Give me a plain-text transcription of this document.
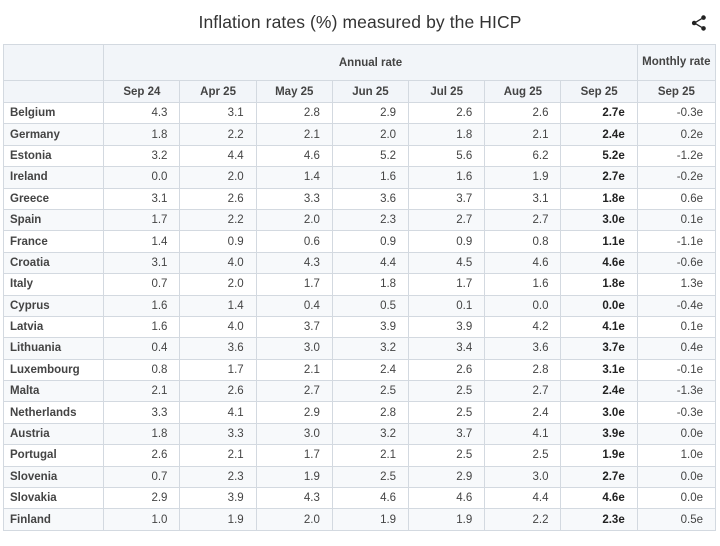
Inflation rates (%) measured by the HICP
	Annual rate							Monthly rate
	Sep 24	Apr 25	May 25	Jun 25	Jul 25	Aug 25	Sep 25	Sep 25
Belgium	4.3	3.1	2.8	2.9	2.6	2.6	2.7e	-0.3e
Germany	1.8	2.2	2.1	2.0	1.8	2.1	2.4e	0.2e
Estonia	3.2	4.4	4.6	5.2	5.6	6.2	5.2e	-1.2e
Ireland	0.0	2.0	1.4	1.6	1.6	1.9	2.7e	-0.2e
Greece	3.1	2.6	3.3	3.6	3.7	3.1	1.8e	0.6e
Spain	1.7	2.2	2.0	2.3	2.7	2.7	3.0e	0.1e
France	1.4	0.9	0.6	0.9	0.9	0.8	1.1e	-1.1e
Croatia	3.1	4.0	4.3	4.4	4.5	4.6	4.6e	-0.6e
Italy	0.7	2.0	1.7	1.8	1.7	1.6	1.8e	1.3e
Cyprus	1.6	1.4	0.4	0.5	0.1	0.0	0.0e	-0.4e
Latvia	1.6	4.0	3.7	3.9	3.9	4.2	4.1e	0.1e
Lithuania	0.4	3.6	3.0	3.2	3.4	3.6	3.7e	0.4e
Luxembourg	0.8	1.7	2.1	2.4	2.6	2.8	3.1e	-0.1e
Malta	2.1	2.6	2.7	2.5	2.5	2.7	2.4e	-1.3e
Netherlands	3.3	4.1	2.9	2.8	2.5	2.4	3.0e	-0.3e
Austria	1.8	3.3	3.0	3.2	3.7	4.1	3.9e	0.0e
Portugal	2.6	2.1	1.7	2.1	2.5	2.5	1.9e	1.0e
Slovenia	0.7	2.3	1.9	2.5	2.9	3.0	2.7e	0.0e
Slovakia	2.9	3.9	4.3	4.6	4.6	4.4	4.6e	0.0e
Finland	1.0	1.9	2.0	1.9	1.9	2.2	2.3e	0.5e
